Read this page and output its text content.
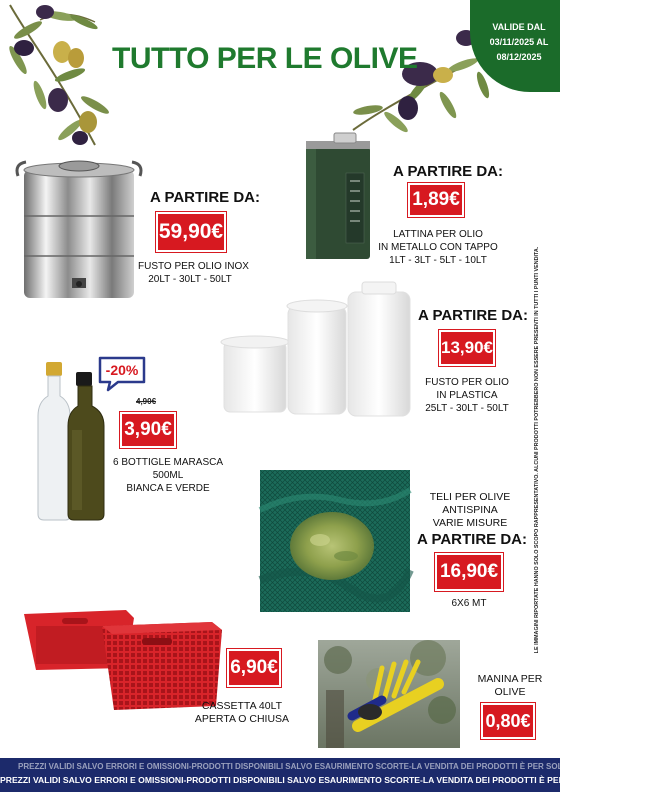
TUTTO PER LE OLIVE
VALIDE DAL
03/11/2025 AL
08/12/2025
A PARTIRE DA:
59,90€
FUSTO PER OLIO INOX
20LT - 30LT - 50LT
A PARTIRE DA:
1,89€
LATTINA PER OLIO
IN METALLO CON TAPPO
1LT - 3LT - 5LT - 10LT
A PARTIRE DA:
13,90€
FUSTO PER OLIO
IN PLASTICA
25LT - 30LT - 50LT
-20%
4,90€
3,90€
6 BOTTIGLE MARASCA
500ML
BIANCA E VERDE
TELI PER OLIVE
ANTISPINA
VARIE MISURE
A PARTIRE DA:
16,90€
6X6 MT
6,90€
CASSETTA 40LT
APERTA O CHIUSA
MANINA PER
OLIVE
0,80€
LE IMMAGINI RIPORTATE HANNO SOLO SCOPO RAPPRESENTATIVO. ALCUNI PRODOTTI POTREBBERO NON ESSERE PRESENTI IN TUTTI I PUNTI VENDITA.
PREZZI VALIDI SALVO ERRORI E OMISSIONI-PRODOTTI DISPONIBILI SALVO ESAURIMENTO SCORTE-LA VENDITA DEI PRODOTTI È PER SOLO USO PERSONALE
PREZZI VALIDI SALVO ERRORI E OMISSIONI-PRODOTTI DISPONIBILI SALVO ESAURIMENTO SCORTE-LA VENDITA DEI PRODOTTI È PER SOLO USO PERSONALE
